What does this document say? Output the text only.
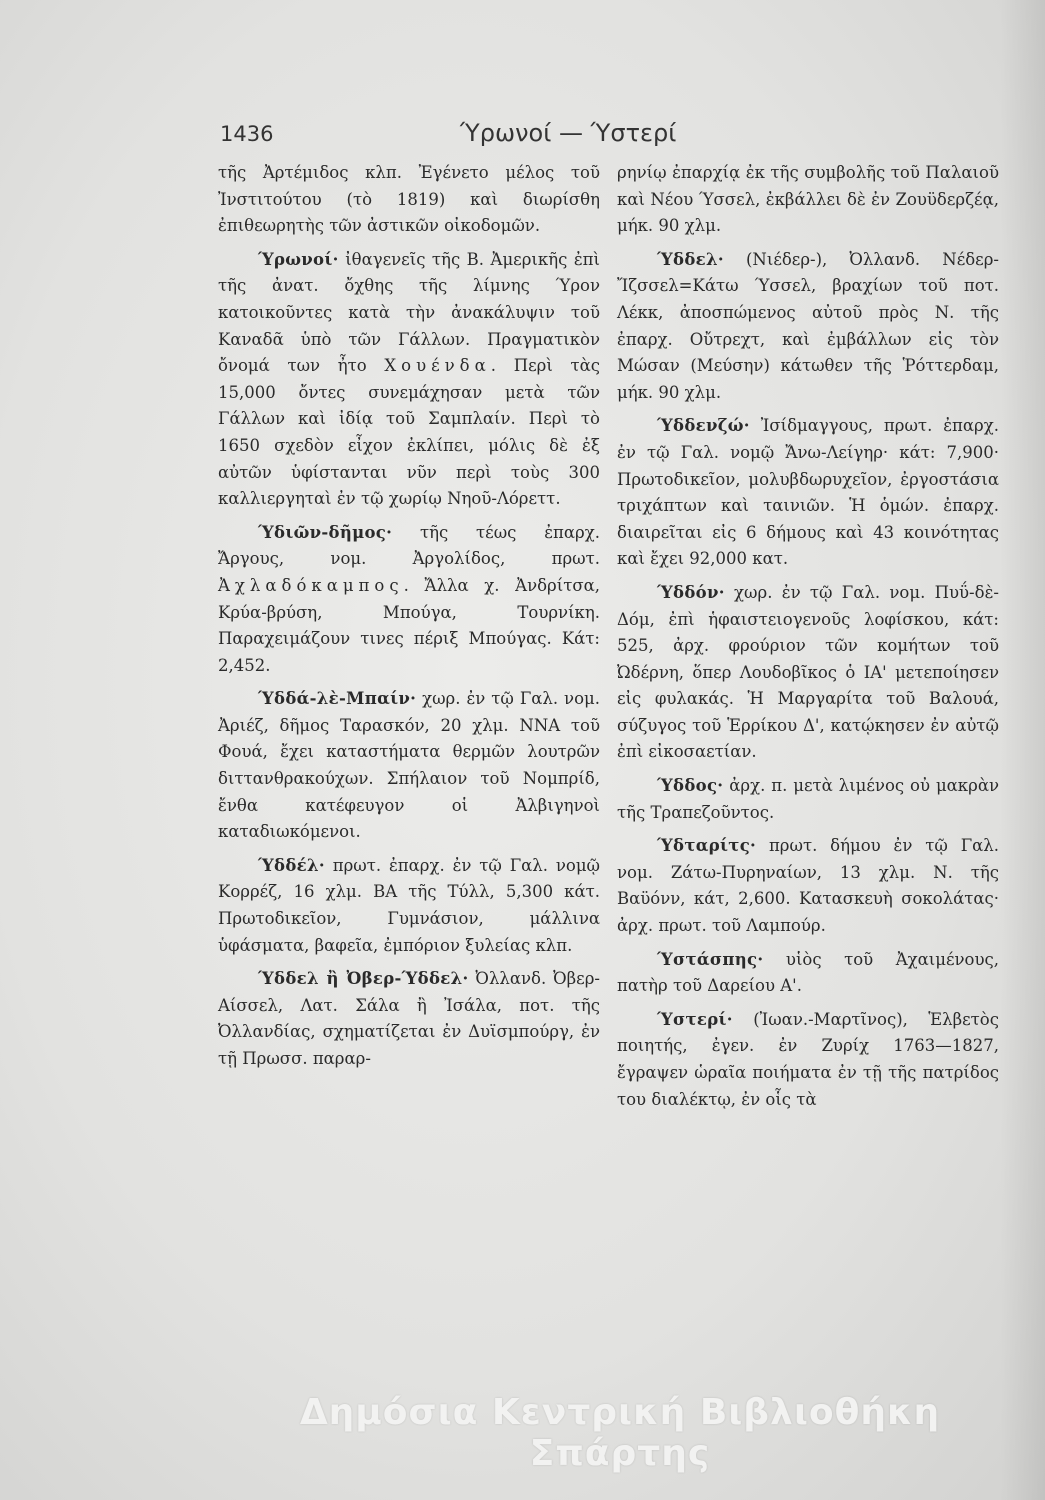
1436	Ύρωνοί — Ύστερί

τῆς Ἀρτέμιδος κλπ. Ἐγένετο μέλος τοῦ Ἰνστιτούτου (τὸ 1819) καὶ διωρίσθη ἐπιθεωρητὴς τῶν ἀστικῶν οἰκοδομῶν.

Ύρωνοί· ἰθαγενεῖς τῆς Β. Ἀμερικῆς ἐπὶ τῆς ἀνατ. ὄχθης τῆς λίμνης Ύρον κατοικοῦντες κατὰ τὴν ἀνακάλυψιν τοῦ Καναδᾶ ὑπὸ τῶν Γάλλων. Πραγματικὸν ὄνομά των ἦτο Χουένδα. Περὶ τὰς 15,000 ὄντες συνεμάχησαν μετὰ τῶν Γάλλων καὶ ἰδίᾳ τοῦ Σαμπλαίν. Περὶ τὸ 1650 σχεδὸν εἶχον ἐκλίπει, μόλις δὲ ἐξ αὐτῶν ὑφίστανται νῦν περὶ τοὺς 300 καλλιεργηταὶ ἐν τῷ χωρίῳ Νηοῦ-Λόρεττ.

Ύδιῶν-δῆμος· τῆς τέως ἐπαρχ. Ἄργους, νομ. Ἀργολίδος, πρωτ. Ἀχλαδόκαμπος. Ἄλλα χ. Ἀνδρίτσα, Κρύα-βρύση, Μπούγα, Τουρνίκη. Παραχειμάζουν τινες πέριξ Μπούγας. Κάτ: 2,452.

Ύδδά-λὲ-Μπαίν· χωρ. ἐν τῷ Γαλ. νομ. Ἀριέζ, δῆμος Ταρασκόν, 20 χλμ. ΝΝΑ τοῦ Φουά, ἔχει καταστήματα θερμῶν λουτρῶν διττανθρακούχων. Σπήλαιον τοῦ Νομπρίδ, ἔνθα κατέφευγον οἱ Ἀλβιγηνοὶ καταδιωκόμενοι.

Ύδδέλ· πρωτ. ἐπαρχ. ἐν τῷ Γαλ. νομῷ Κορρέζ, 16 χλμ. ΒΑ τῆς Τύλλ, 5,300 κάτ. Πρωτοδικεῖον, Γυμνάσιον, μάλλινα ὑφάσματα, βαφεῖα, ἐμπόριον ξυλείας κλπ.

Ύδδελ ἢ Ὀβερ-Ύδδελ· Ὀλλανδ. Ὀβερ-Αίσσελ, Λατ. Σάλα ἢ Ἰσάλα, ποτ. τῆς Ὀλλανδίας, σχηματίζεται ἐν Δυϊσμπούργ, ἐν τῇ Πρωσσ. παραρ-

ρηνίῳ ἐπαρχίᾳ ἐκ τῆς συμβολῆς τοῦ Παλαιοῦ καὶ Νέου Ύσσελ, ἐκβάλλει δὲ ἐν Ζουϋδερζέᾳ, μήκ. 90 χλμ.

Ύδδελ· (Νιέδερ-), Ὀλλανδ. Νέδερ-Ἴζσσελ=Κάτω Ύσσελ, βραχίων τοῦ ποτ. Λέκκ, ἀποσπώμενος αὐτοῦ πρὸς Ν. τῆς ἐπαρχ. Οὔτρεχτ, καὶ ἐμβάλλων εἰς τὸν Μώσαν (Μεύσην) κάτωθεν τῆς Ῥόττερδαμ, μήκ. 90 χλμ.

Ύδδενζώ· Ἰσίδμαγγους, πρωτ. ἐπαρχ. ἐν τῷ Γαλ. νομῷ Ἄνω-Λείγηρ· κάτ: 7,900· Πρωτοδικεῖον, μολυβδωρυχεῖον, ἐργοστάσια τριχάπτων καὶ ταινιῶν. Ἡ ὁμών. ἐπαρχ. διαιρεῖται εἰς 6 δήμους καὶ 43 κοινότητας καὶ ἔχει 92,000 κατ.

Ύδδόν· χωρ. ἐν τῷ Γαλ. νομ. Πυΰ-δὲ-Δόμ, ἐπὶ ἡφαιστειογενοῦς λοφίσκου, κάτ: 525, ἀρχ. φρούριον τῶν κομήτων τοῦ Ὠδέρνη, ὅπερ Λουδοβῖκος ὁ ΙΑ' μετεποίησεν εἰς φυλακάς. Ἡ Μαργαρίτα τοῦ Βαλουά, σύζυγος τοῦ Ἑρρίκου Δ', κατῴκησεν ἐν αὐτῷ ἐπὶ εἰκοσαετίαν.

Ύδδος· ἀρχ. π. μετὰ λιμένος οὐ μακρὰν τῆς Τραπεζοῦντος.

Ύδταρίτς· πρωτ. δήμου ἐν τῷ Γαλ. νομ. Ζάτω-Πυρηναίων, 13 χλμ. Ν. τῆς Βαϋόνν, κάτ, 2,600. Κατασκευὴ σοκολάτας· ἀρχ. πρωτ. τοῦ Λαμπούρ.

Ύστάσπης· υἱὸς τοῦ Ἀχαιμένους, πατὴρ τοῦ Δαρείου Α'.

Ύστερί· (Ἰωαν.-Μαρτῖνος), Ἑλβετὸς ποιητής, ἐγεν. ἐν Ζυρίχ 1763—1827, ἔγραψεν ὡραῖα ποιήματα ἐν τῇ τῆς πατρίδος του διαλέκτῳ, ἐν οἷς τὰ

Δημόσια Κεντρική Βιβλιοθήκη Σπάρτης
